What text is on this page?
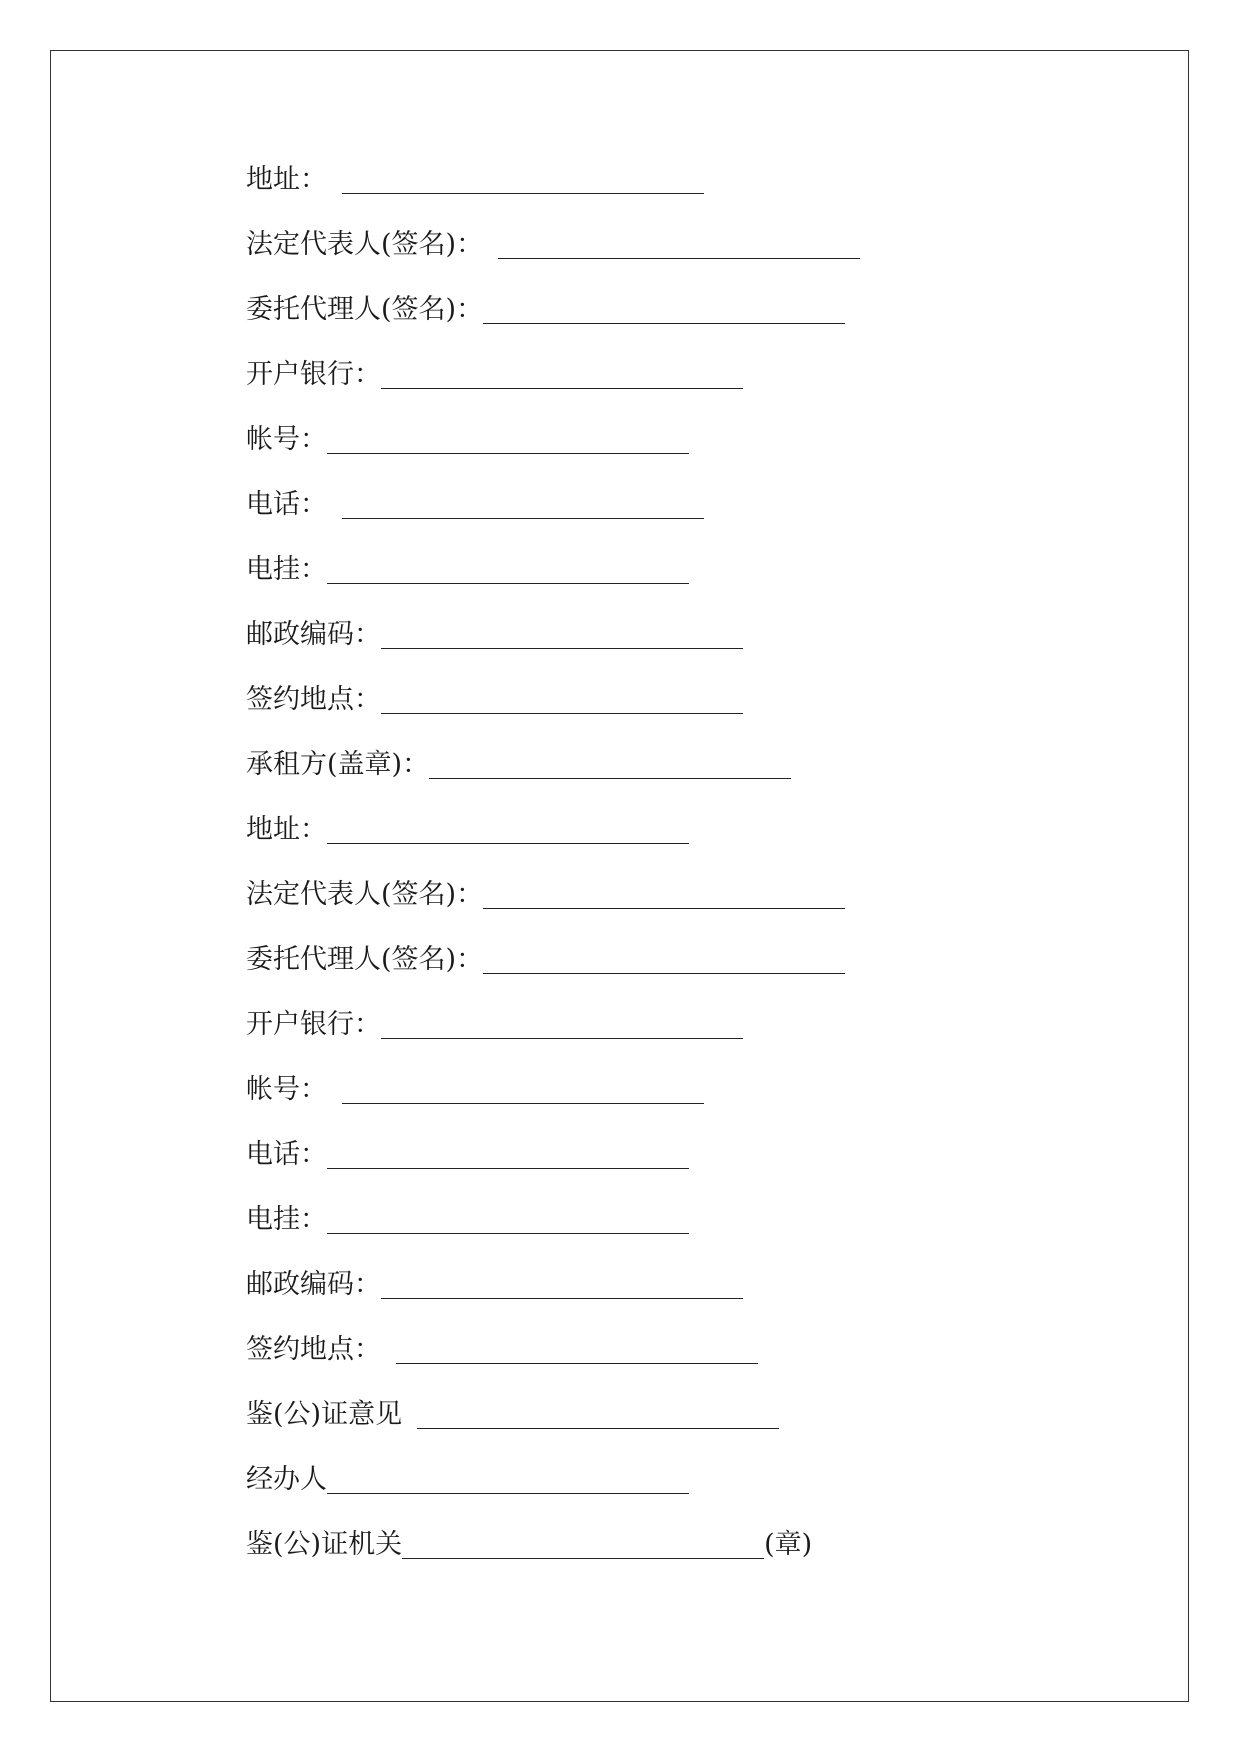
地址：
法定代表人(签名)：
委托代理人(签名)：
开户银行：
帐号：
电话：
电挂：
邮政编码：
签约地点：
承租方(盖章)：
地址：
法定代表人(签名)：
委托代理人(签名)：
开户银行：
帐号：
电话：
电挂：
邮政编码：
签约地点：
鉴(公)证意见
经办人
鉴(公)证机关	(章)
